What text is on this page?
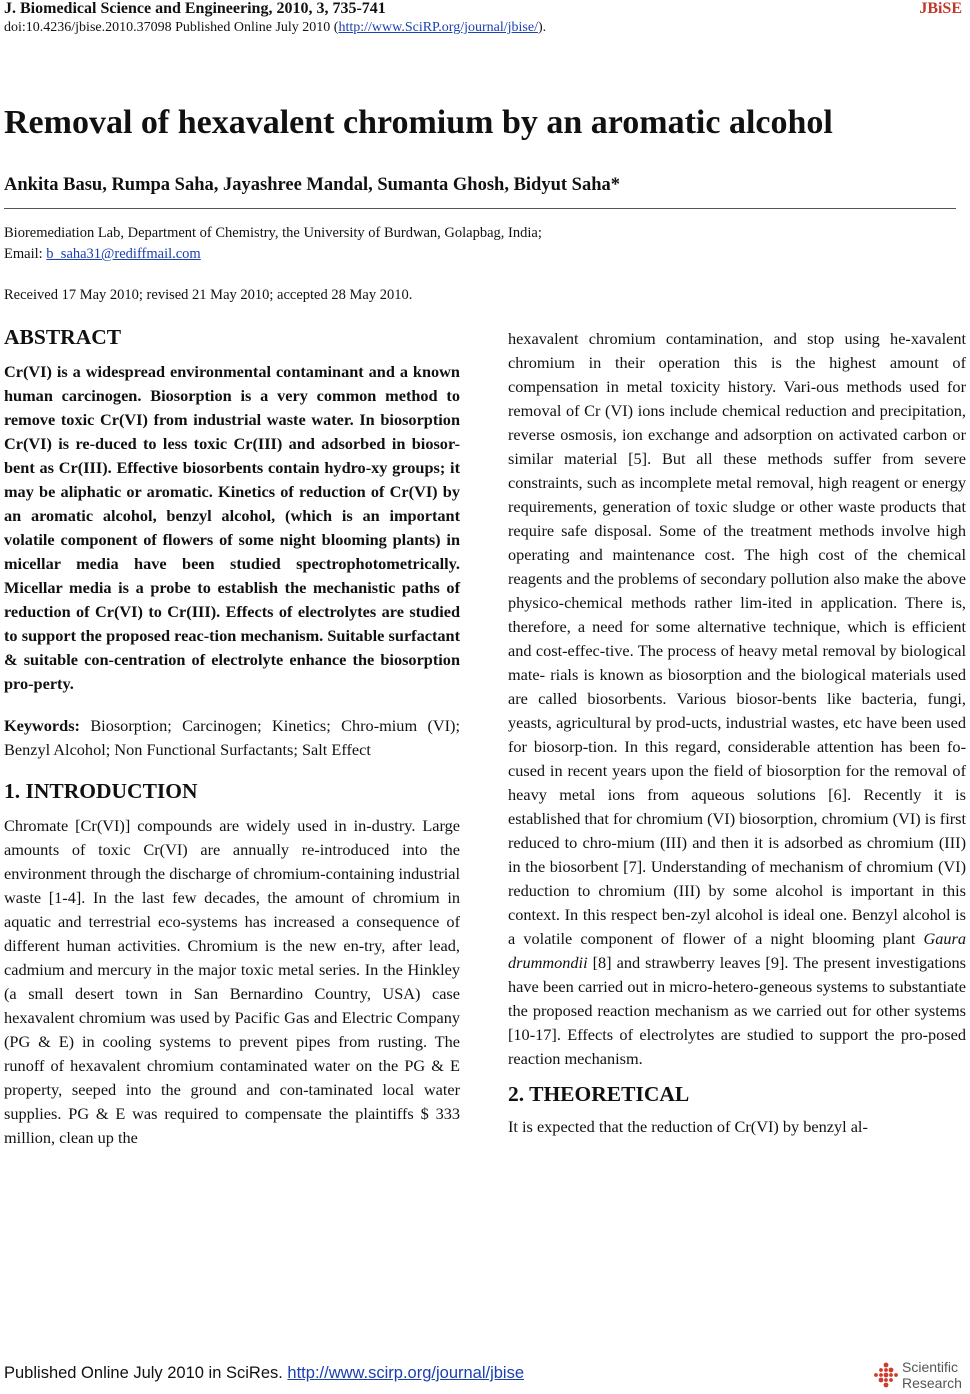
J. Biomedical Science and Engineering, 2010, 3, 735-741	JBiSE
doi:10.4236/jbise.2010.37098 Published Online July 2010 (http://www.SciRP.org/journal/jbise/).
Removal of hexavalent chromium by an aromatic alcohol
Ankita Basu, Rumpa Saha, Jayashree Mandal, Sumanta Ghosh, Bidyut Saha*
Bioremediation Lab, Department of Chemistry, the University of Burdwan, Golapbag, India;
Email: b_saha31@rediffmail.com
Received 17 May 2010; revised 21 May 2010; accepted 28 May 2010.
ABSTRACT

Cr(VI) is a widespread environmental contaminant and a known human carcinogen. Biosorption is a very common method to remove toxic Cr(VI) from industrial waste water. In biosorption Cr(VI) is re-duced to less toxic Cr(III) and adsorbed in biosor-bent as Cr(III). Effective biosorbents contain hydro-xy groups; it may be aliphatic or aromatic. Kinetics of reduction of Cr(VI) by an aromatic alcohol, benzyl alcohol, (which is an important volatile component of flowers of some night blooming plants) in micellar media have been studied spectrophotometrically. Micellar media is a probe to establish the mechanistic paths of reduction of Cr(VI) to Cr(III). Effects of electrolytes are studied to support the proposed reac-tion mechanism. Suitable surfactant & suitable con-centration of electrolyte enhance the biosorption pro-perty.

Keywords: Biosorption; Carcinogen; Kinetics; Chro-mium (VI); Benzyl Alcohol; Non Functional Surfactants; Salt Effect

1. INTRODUCTION

Chromate [Cr(VI)] compounds are widely used in in-dustry. Large amounts of toxic Cr(VI) are annually re-introduced into the environment through the discharge of chromium-containing industrial waste [1-4]. In the last few decades, the amount of chromium in aquatic and terrestrial eco-systems has increased a consequence of different human activities. Chromium is the new en-try, after lead, cadmium and mercury in the major toxic metal series. In the Hinkley (a small desert town in San Bernardino Country, USA) case hexavalent chromium was used by Pacific Gas and Electric Company (PG & E) in cooling systems to prevent pipes from rusting. The runoff of hexavalent chromium contaminated water on the PG & E property, seeped into the ground and con-taminated local water supplies. PG & E was required to compensate the plaintiffs $ 333 million, clean up the

hexavalent chromium contamination, and stop using he-xavalent chromium in their operation this is the highest amount of compensation in metal toxicity history. Vari-ous methods used for removal of Cr (VI) ions include chemical reduction and precipitation, reverse osmosis, ion exchange and adsorption on activated carbon or similar material [5]. But all these methods suffer from severe constraints, such as incomplete metal removal, high reagent or energy requirements, generation of toxic sludge or other waste products that require safe disposal. Some of the treatment methods involve high operating and maintenance cost. The high cost of the chemical reagents and the problems of secondary pollution also make the above physico-chemical methods rather lim-ited in application. There is, therefore, a need for some alternative technique, which is efficient and cost-effec-tive. The process of heavy metal removal by biological mate- rials is known as biosorption and the biological materials used are called biosorbents. Various biosor-bents like bacteria, fungi, yeasts, agricultural by prod-ucts, industrial wastes, etc have been used for biosorp-tion. In this regard, considerable attention has been fo-cused in recent years upon the field of biosorption for the removal of heavy metal ions from aqueous solutions [6]. Recently it is established that for chromium (VI) biosorption, chromium (VI) is first reduced to chro-mium (III) and then it is adsorbed as chromium (III) in the biosorbent [7]. Understanding of mechanism of chromium (VI) reduction to chromium (III) by some alcohol is important in this context. In this respect ben-zyl alcohol is ideal one. Benzyl alcohol is a volatile component of flower of a night blooming plant Gaura drummondii [8] and strawberry leaves [9]. The present investigations have been carried out in micro-hetero-geneous systems to substantiate the proposed reaction mechanism as we carried out for other systems [10-17]. Effects of electrolytes are studied to support the pro-posed reaction mechanism.

2. THEORETICAL

It is expected that the reduction of Cr(VI) by benzyl al-

Published Online July 2010 in SciRes. http://www.scirp.org/journal/jbise	Scientific
Research
